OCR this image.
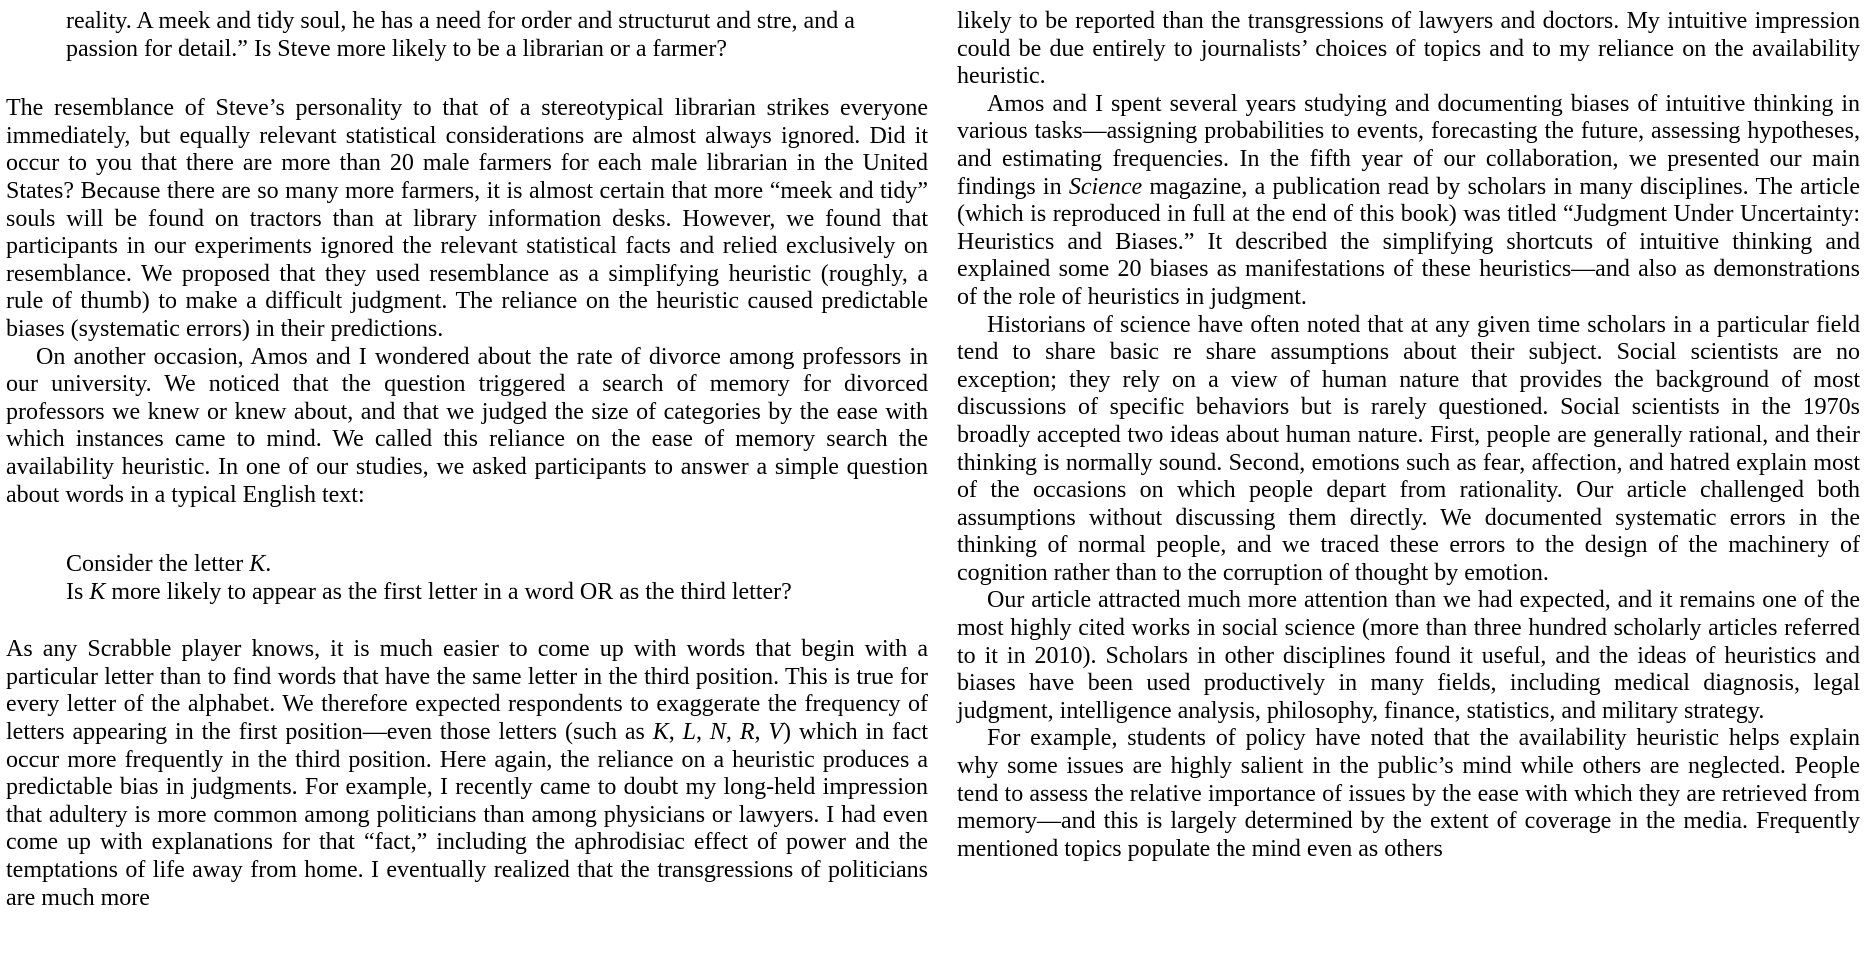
reality. A meek and tidy soul, he has a need for order and structurut and stre, and a passion for detail.” Is Steve more likely to be a librarian or a farmer?

The resemblance of Steve’s personality to that of a stereotypical librarian strikes everyone immediately, but equally relevant statistical considerations are almost always ignored. Did it occur to you that there are more than 20 male farmers for each male librarian in the United States? Because there are so many more farmers, it is almost certain that more “meek and tidy” souls will be found on tractors than at library information desks. However, we found that participants in our experiments ignored the relevant statistical facts and relied exclusively on resemblance. We proposed that they used resemblance as a simplifying heuristic (roughly, a rule of thumb) to make a difficult judgment. The reliance on the heuristic caused predictable biases (systematic errors) in their predictions.

On another occasion, Amos and I wondered about the rate of divorce among professors in our university. We noticed that the question triggered a search of memory for divorced professors we knew or knew about, and that we judged the size of categories by the ease with which instances came to mind. We called this reliance on the ease of memory search the availability heuristic. In one of our studies, we asked participants to answer a simple question about words in a typical English text:

Consider the letter K.
Is K more likely to appear as the first letter in a word OR as the third letter?

As any Scrabble player knows, it is much easier to come up with words that begin with a particular letter than to find words that have the same letter in the third position. This is true for every letter of the alphabet. We therefore expected respondents to exaggerate the frequency of letters appearing in the first position—even those letters (such as K, L, N, R, V) which in fact occur more frequently in the third position. Here again, the reliance on a heuristic produces a predictable bias in judgments. For example, I recently came to doubt my long-held impression that adultery is more common among politicians than among physicians or lawyers. I had even come up with explanations for that “fact,” including the aphrodisiac effect of power and the temptations of life away from home. I eventually realized that the transgressions of politicians are much more

likely to be reported than the transgressions of lawyers and doctors. My intuitive impression could be due entirely to journalists’ choices of topics and to my reliance on the availability heuristic.

Amos and I spent several years studying and documenting biases of intuitive thinking in various tasks—assigning probabilities to events, forecasting the future, assessing hypotheses, and estimating frequencies. In the fifth year of our collaboration, we presented our main findings in Science magazine, a publication read by scholars in many disciplines. The article (which is reproduced in full at the end of this book) was titled “Judgment Under Uncertainty: Heuristics and Biases.” It described the simplifying shortcuts of intuitive thinking and explained some 20 biases as manifestations of these heuristics—and also as demonstrations of the role of heuristics in judgment.

Historians of science have often noted that at any given time scholars in a particular field tend to share basic re share assumptions about their subject. Social scientists are no exception; they rely on a view of human nature that provides the background of most discussions of specific behaviors but is rarely questioned. Social scientists in the 1970s broadly accepted two ideas about human nature. First, people are generally rational, and their thinking is normally sound. Second, emotions such as fear, affection, and hatred explain most of the occasions on which people depart from rationality. Our article challenged both assumptions without discussing them directly. We documented systematic errors in the thinking of normal people, and we traced these errors to the design of the machinery of cognition rather than to the corruption of thought by emotion.

Our article attracted much more attention than we had expected, and it remains one of the most highly cited works in social science (more than three hundred scholarly articles referred to it in 2010). Scholars in other disciplines found it useful, and the ideas of heuristics and biases have been used productively in many fields, including medical diagnosis, legal judgment, intelligence analysis, philosophy, finance, statistics, and military strategy.

For example, students of policy have noted that the availability heuristic helps explain why some issues are highly salient in the public’s mind while others are neglected. People tend to assess the relative importance of issues by the ease with which they are retrieved from memory—and this is largely determined by the extent of coverage in the media. Frequently mentioned topics populate the mind even as others
